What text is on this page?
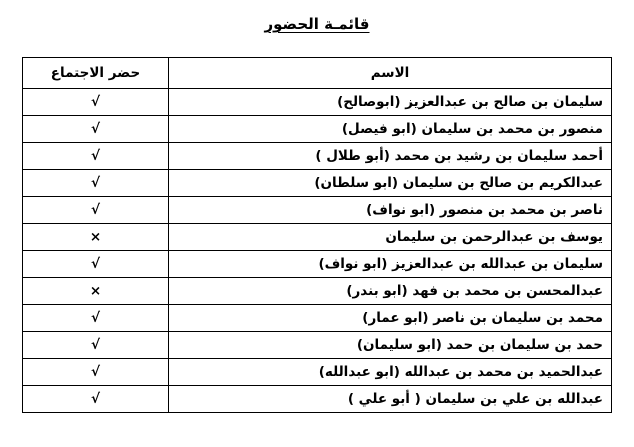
قائمـة الحضور
الاسم	حضر الاجتماع
سليمان بن صالح بن عبدالعزيز (ابوصالح)	√
منصور بن محمد بن سليمان (ابو فيصل)	√
أحمد سليمان بن رشيد بن محمد (أبو طلال )	√
عبدالكريم بن صالح بن سليمان (ابو سلطان)	√
ناصر بن محمد بن منصور (ابو نواف)	√
يوسف بن عبدالرحمن بن سليمان	×
سليمان بن عبدالله بن عبدالعزيز (ابو نواف)	√
عبدالمحسن بن محمد بن فهد (ابو بندر)	×
محمد بن سليمان بن ناصر (ابو عمار)	√
حمد بن سليمان بن حمد (ابو سليمان)	√
عبدالحميد بن محمد بن عبدالله (ابو عبدالله)	√
عبدالله بن علي بن سليمان ( أبو علي )	√
